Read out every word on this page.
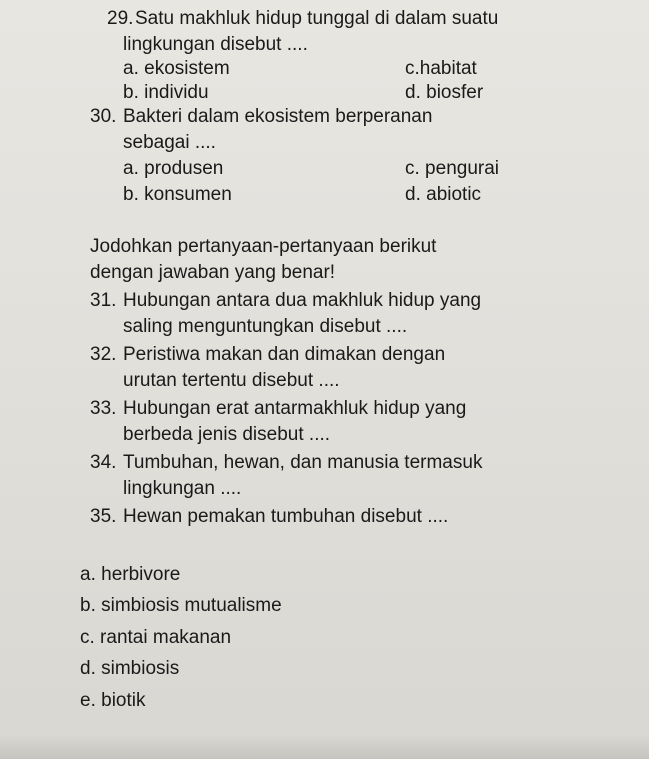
29. Satu makhluk hidup tunggal di dalam suatu
lingkungan disebut ....
a. ekosistem	c.habitat
b. individu	d. biosfer
30. Bakteri dalam ekosistem berperanan
sebagai ....
a. produsen	c. pengurai
b. konsumen	d. abiotic
Jodohkan pertanyaan-pertanyaan berikut
dengan jawaban yang benar!
31. Hubungan antara dua makhluk hidup yang
saling menguntungkan disebut ....
32. Peristiwa makan dan dimakan dengan
urutan tertentu disebut ....
33. Hubungan erat antarmakhluk hidup yang
berbeda jenis disebut ....
34. Tumbuhan, hewan, dan manusia termasuk
lingkungan ....
35. Hewan pemakan tumbuhan disebut ....
a. herbivore
b. simbiosis mutualisme
c. rantai makanan
d. simbiosis
e. biotik
